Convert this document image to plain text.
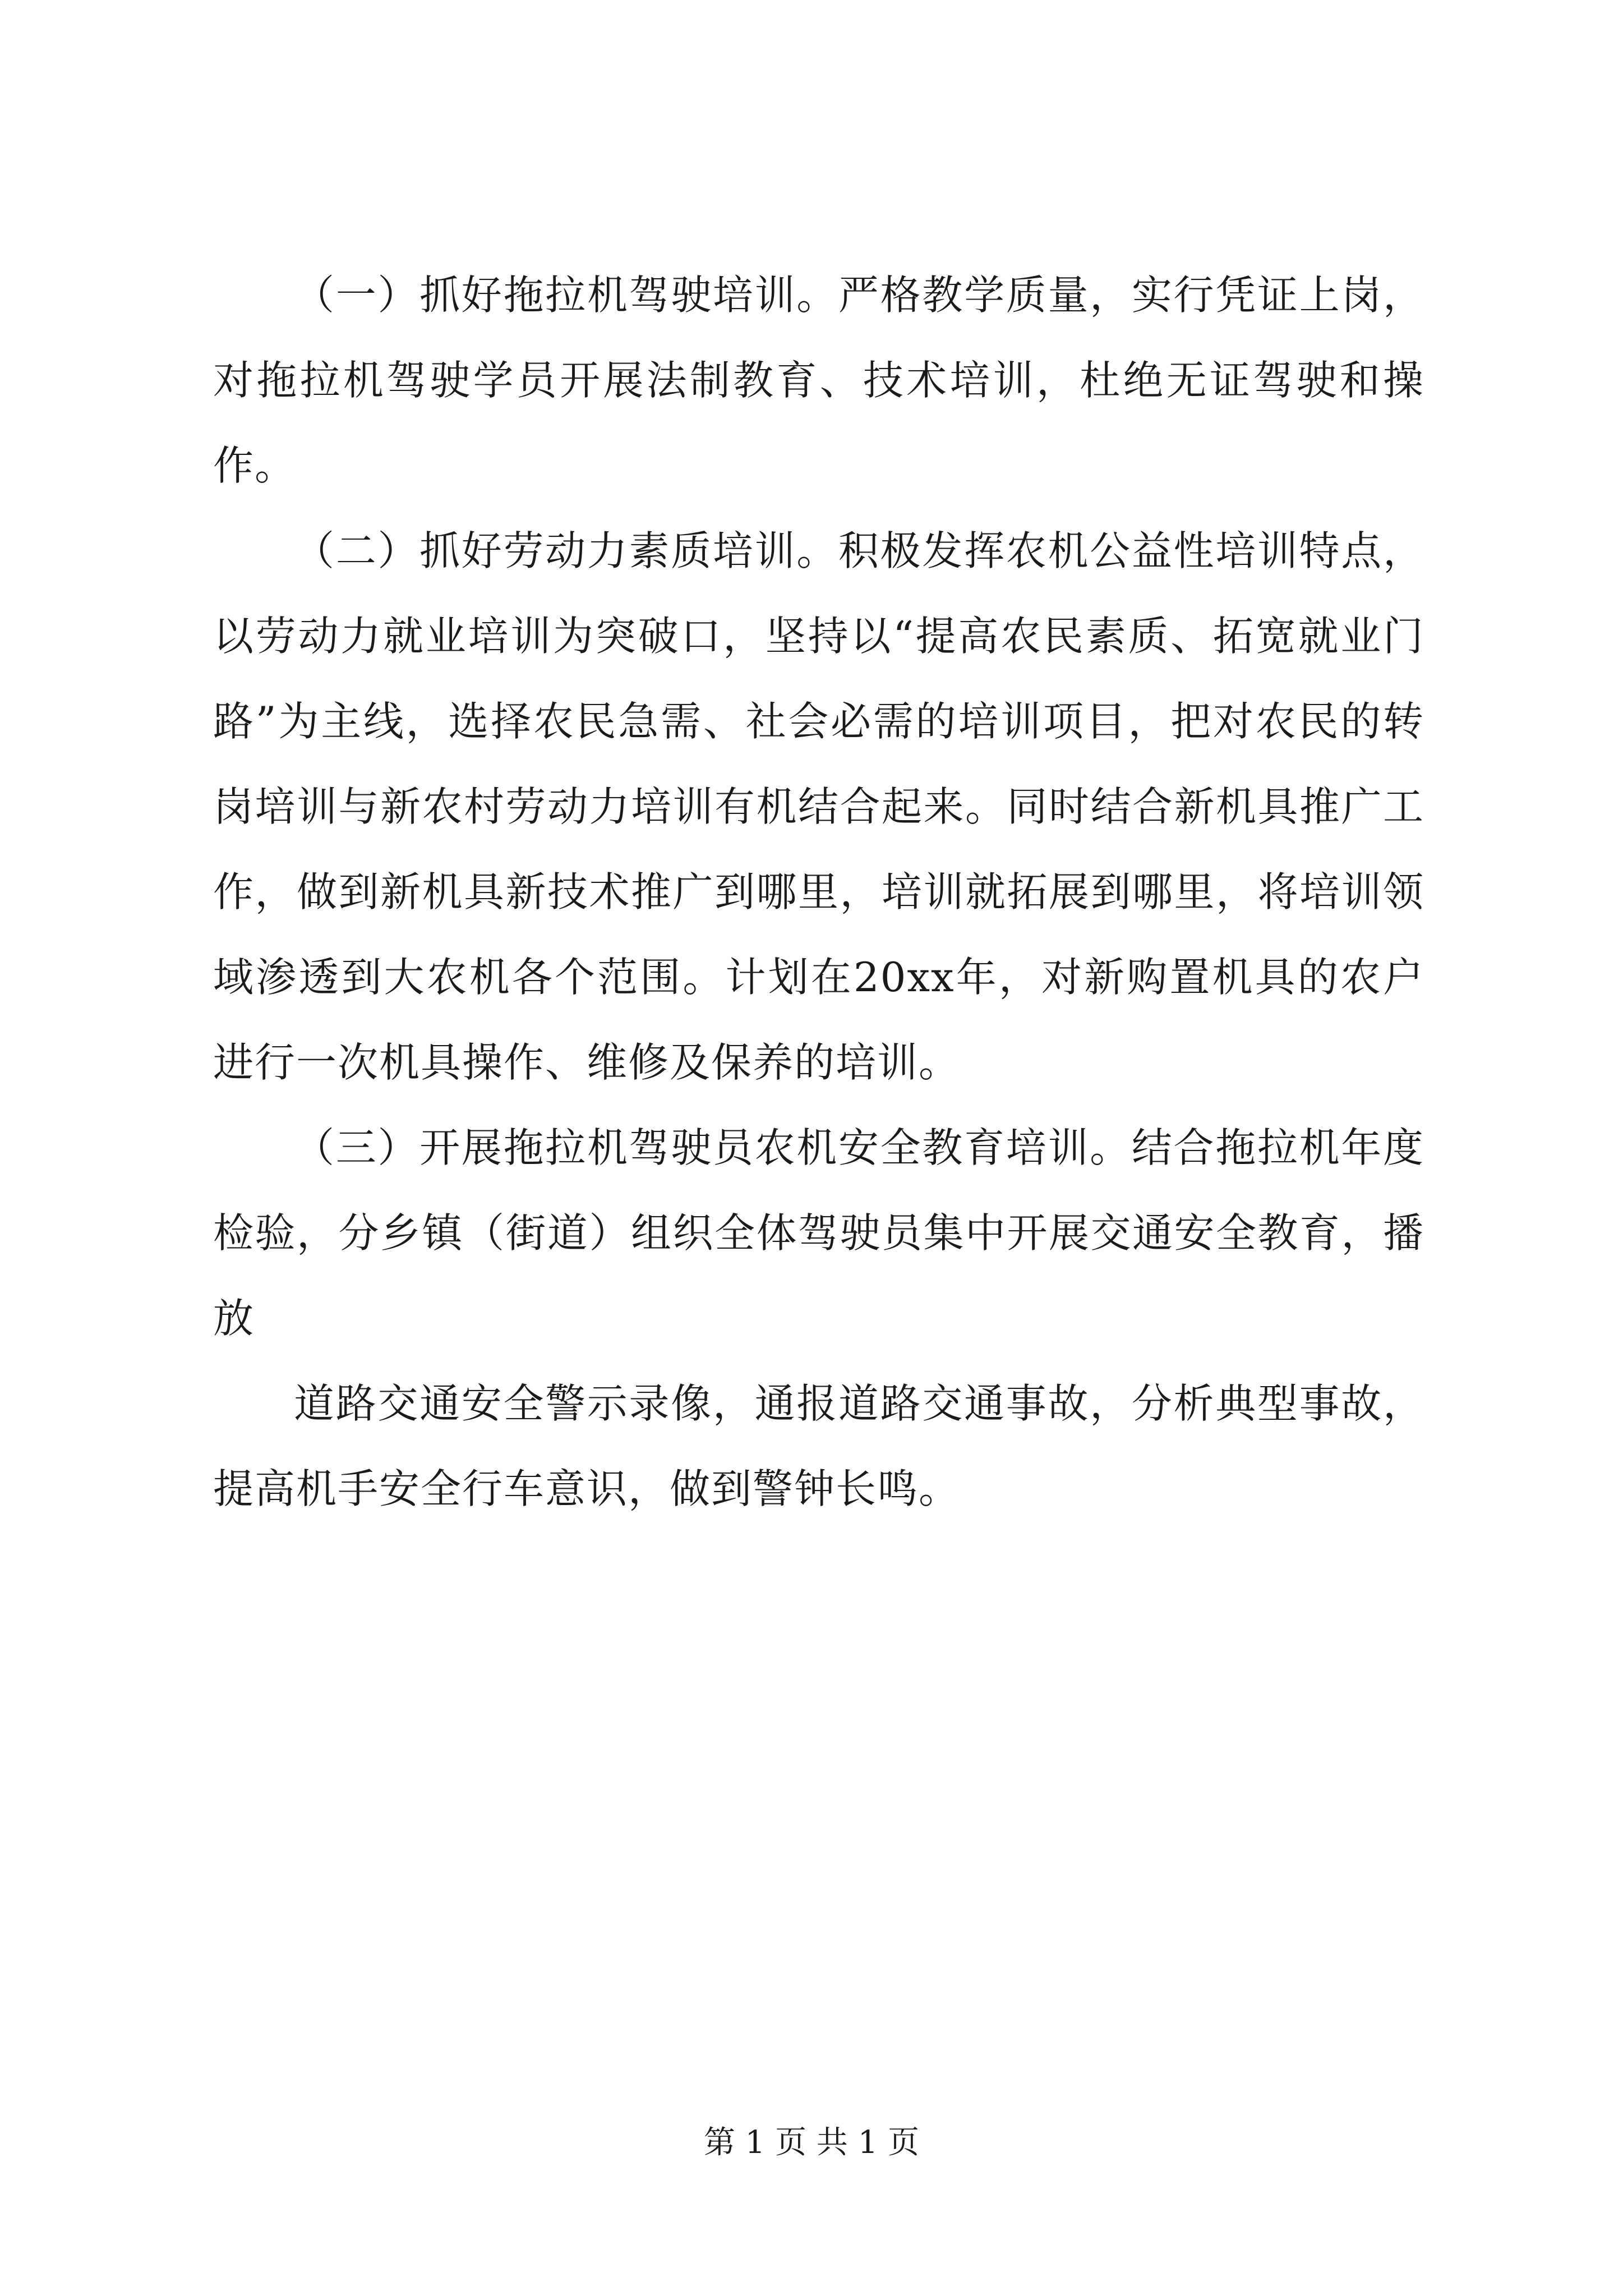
（一）抓好拖拉机驾驶培训。严格教学质量，实行凭证上岗，对拖拉机驾驶学员开展法制教育、技术培训，杜绝无证驾驶和操作。

（二）抓好劳动力素质培训。积极发挥农机公益性培训特点，以劳动力就业培训为突破口，坚持以“提高农民素质、拓宽就业门路”为主线，选择农民急需、社会必需的培训项目，把对农民的转岗培训与新农村劳动力培训有机结合起来。同时结合新机具推广工作，做到新机具新技术推广到哪里，培训就拓展到哪里，将培训领域渗透到大农机各个范围。计划在20xx年，对新购置机具的农户进行一次机具操作、维修及保养的培训。

（三）开展拖拉机驾驶员农机安全教育培训。结合拖拉机年度检验，分乡镇（街道）组织全体驾驶员集中开展交通安全教育，播放

道路交通安全警示录像，通报道路交通事故，分析典型事故，提高机手安全行车意识，做到警钟长鸣。

第 1 页 共 1 页
